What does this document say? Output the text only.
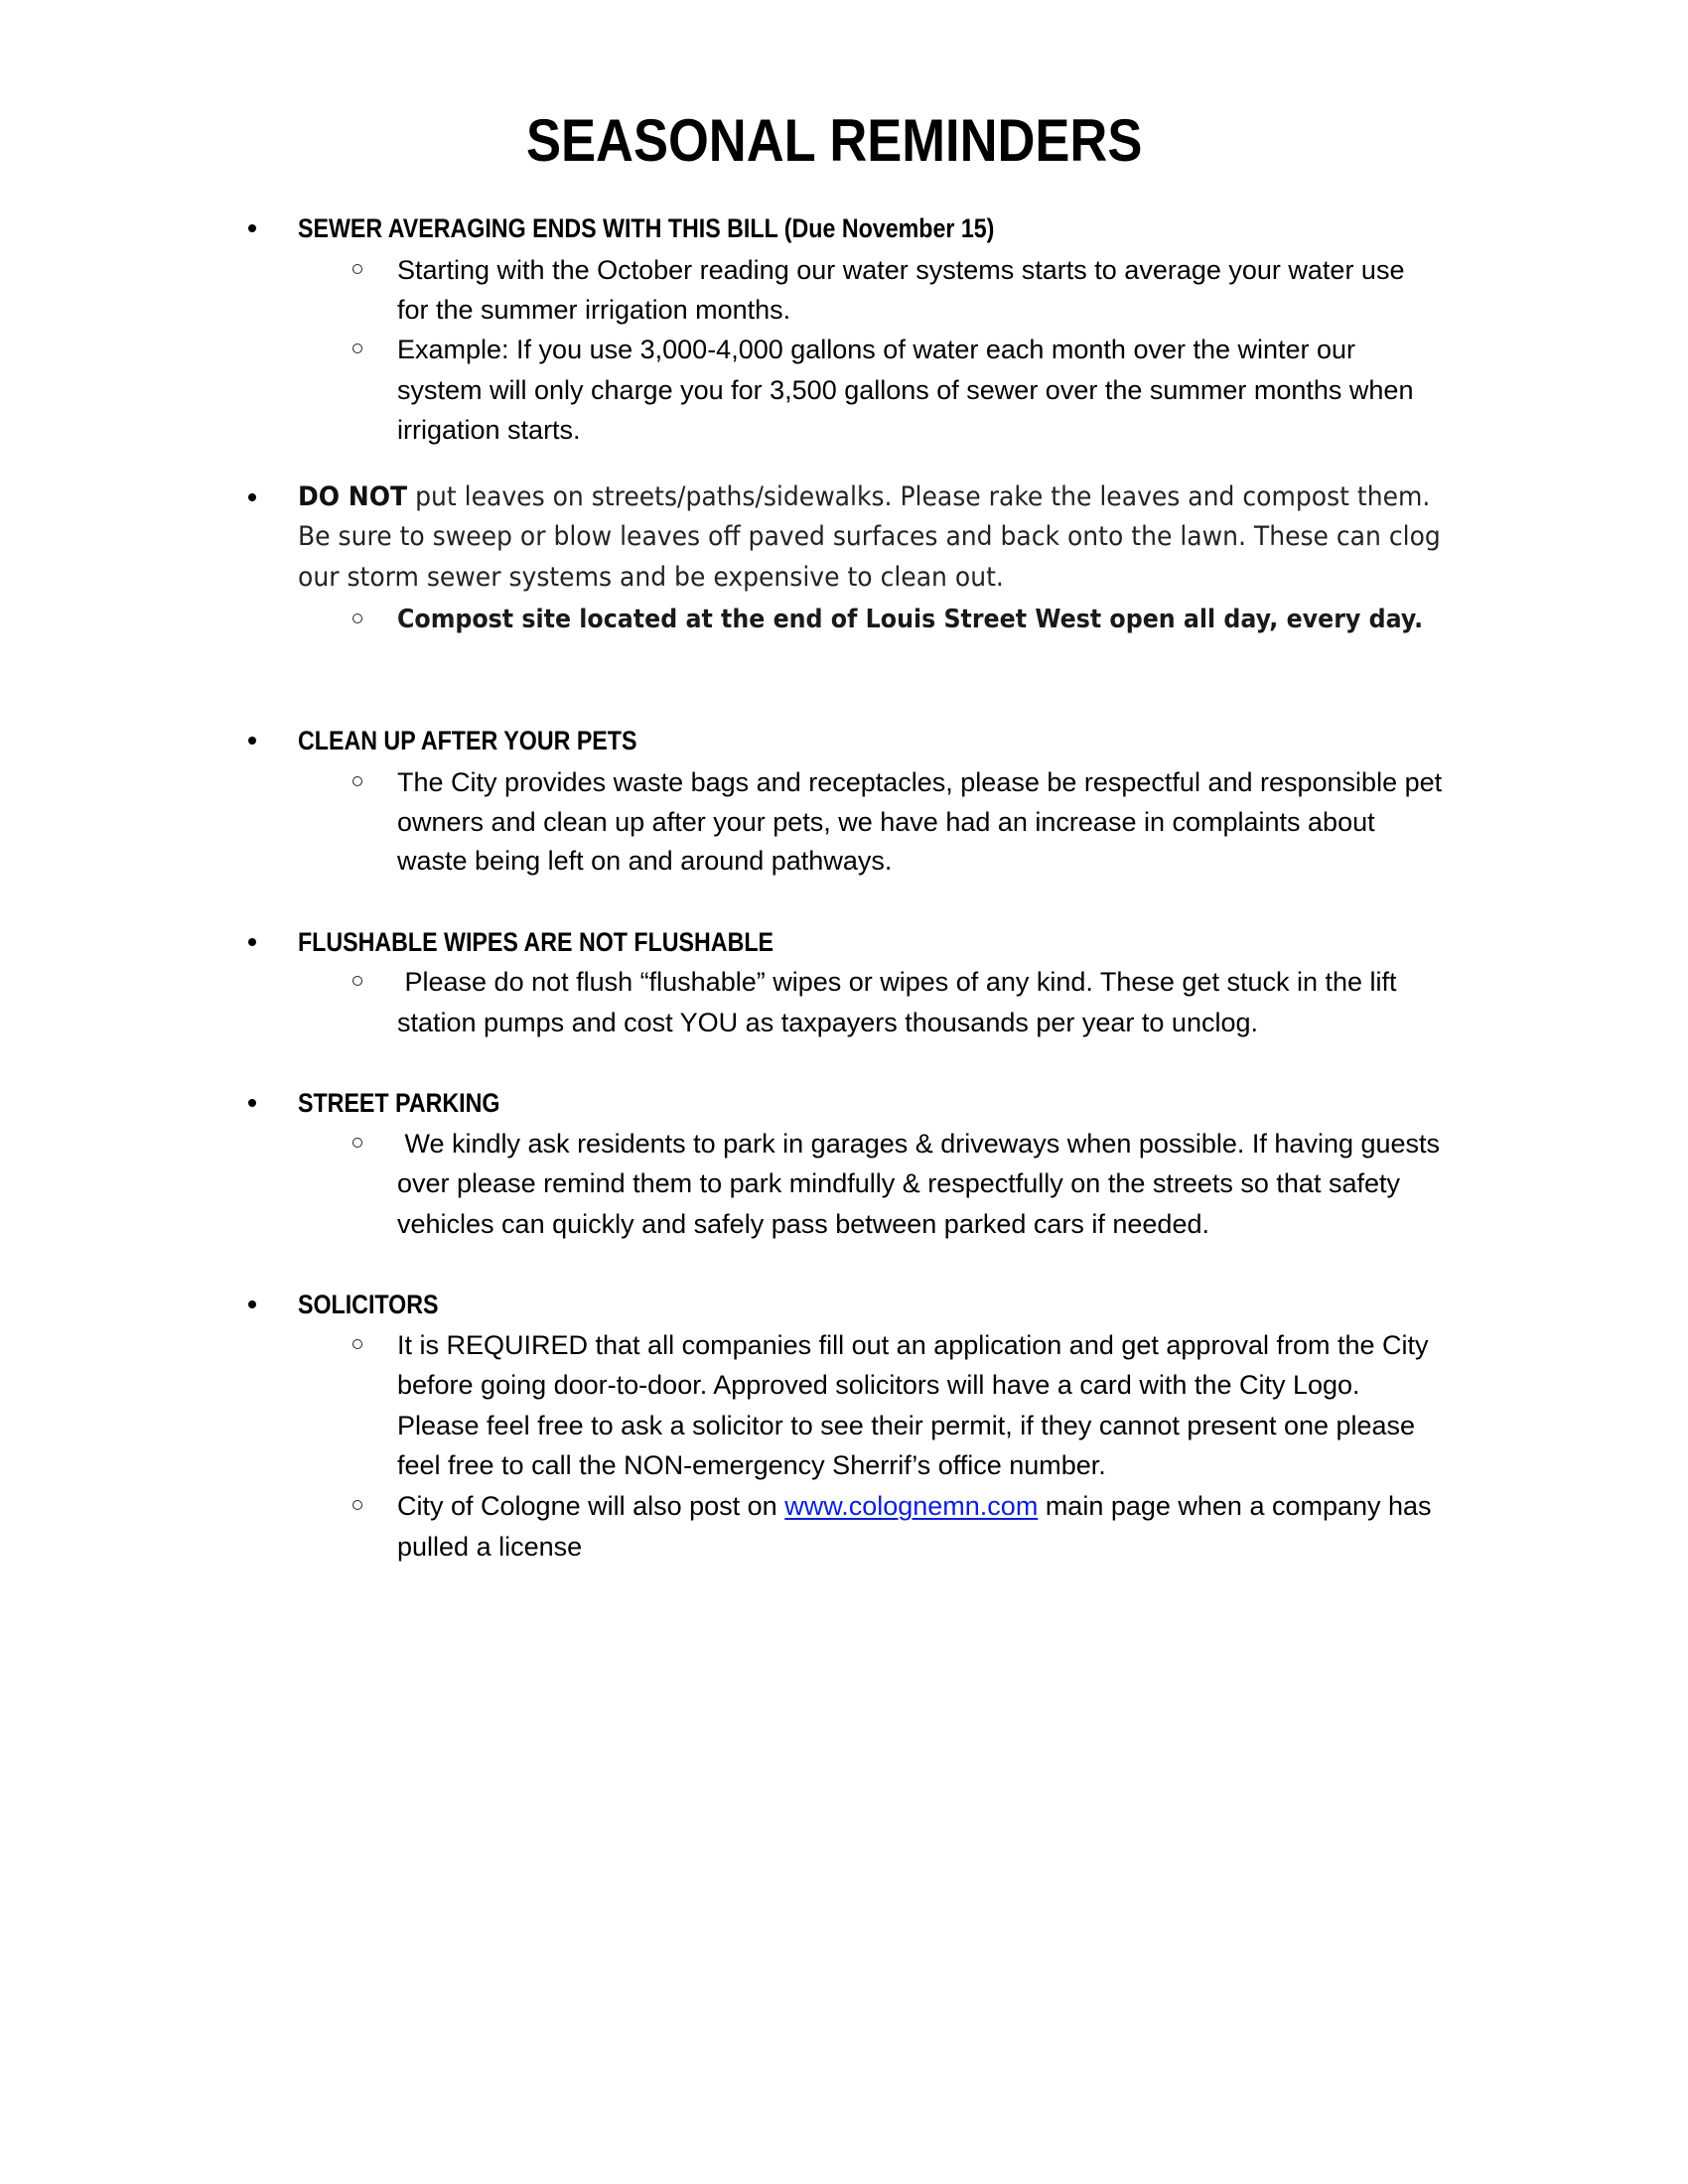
SEASONAL REMINDERS
SEWER AVERAGING ENDS WITH THIS BILL (Due November 15)
Starting with the October reading our water systems starts to average your water use
for the summer irrigation months.
Example: If you use 3,000-4,000 gallons of water each month over the winter our
system will only charge you for 3,500 gallons of sewer over the summer months when
irrigation starts.
DO NOT put leaves on streets/paths/sidewalks. Please rake the leaves and compost them.
Be sure to sweep or blow leaves off paved surfaces and back onto the lawn. These can clog
our storm sewer systems and be expensive to clean out.
Compost site located at the end of Louis Street West open all day, every day.
CLEAN UP AFTER YOUR PETS
The City provides waste bags and receptacles, please be respectful and responsible pet
owners and clean up after your pets, we have had an increase in complaints about
waste being left on and around pathways.
FLUSHABLE WIPES ARE NOT FLUSHABLE
Please do not flush “flushable” wipes or wipes of any kind. These get stuck in the lift
station pumps and cost YOU as taxpayers thousands per year to unclog.
STREET PARKING
We kindly ask residents to park in garages & driveways when possible. If having guests
over please remind them to park mindfully & respectfully on the streets so that safety
vehicles can quickly and safely pass between parked cars if needed.
SOLICITORS
It is REQUIRED that all companies fill out an application and get approval from the City
before going door-to-door. Approved solicitors will have a card with the City Logo.
Please feel free to ask a solicitor to see their permit, if they cannot present one please
feel free to call the NON-emergency Sherrif’s office number.
City of Cologne will also post on www.colognemn.com main page when a company has
pulled a license
